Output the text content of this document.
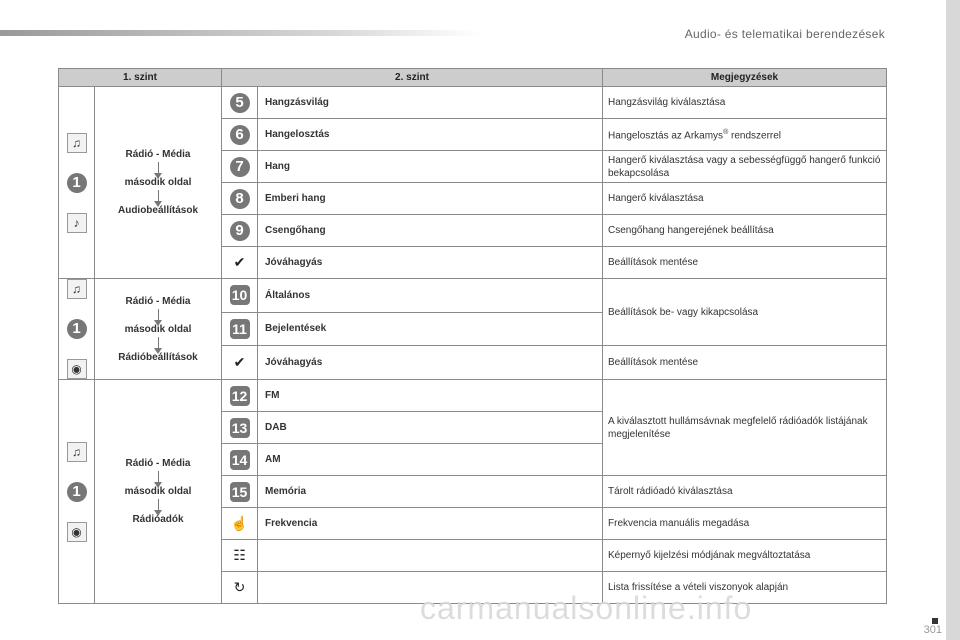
Audio- és telematikai berendezések
1. szint		2. szint		Megjegyzések

♫
1
♪	Rádió - Média
második oldal
Audiobeállítások	5	Hangzásvilág	Hangzásvilág kiválasztása
		6	Hangelosztás	Hangelosztás az Arkamys® rendszerrel
		7	Hang	Hangerő kiválasztása vagy a sebességfüggő hangerő funkció bekapcsolása
		8	Emberi hang	Hangerő kiválasztása
		9	Csengőhang	Csengőhang hangerejének beállítása
		✔	Jóváhagyás	Beállítások mentése

♫
1
◉	Rádió - Média
második oldal
Rádióbeállítások	10	Általános	Beállítások be- vagy kikapcsolása
		11	Bejelentések	
		✔	Jóváhagyás	Beállítások mentése

♫
1
◉	Rádió - Média
második oldal
Rádióadók	12	FM	A kiválasztott hullámsávnak megfelelő rádióadók listájának megjelenítése
		13	DAB	
		14	AM	
		15	Memória	Tárolt rádióadó kiválasztása
		☝	Frekvencia	Frekvencia manuális megadása
		☷		Képernyő kijelzési módjának megváltoztatása
		↻		Lista frissítése a vételi viszonyok alapján
carmanualsonline.info
301
